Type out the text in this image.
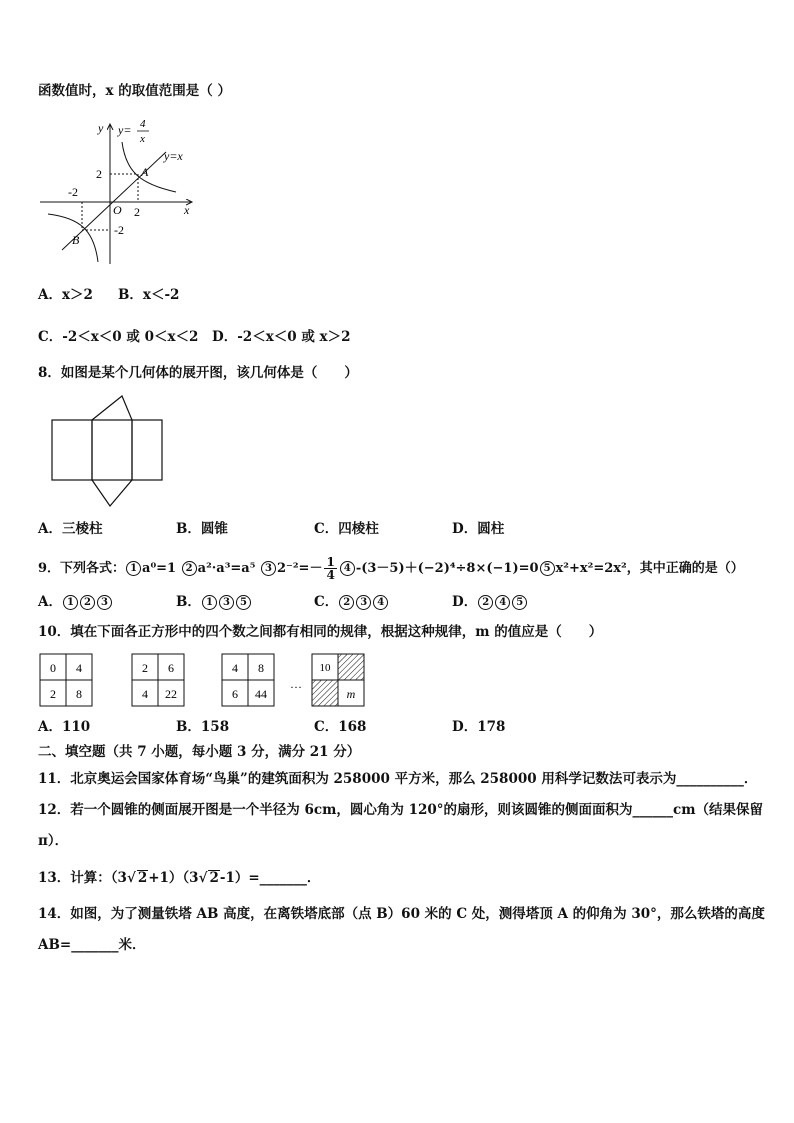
函数值时，x 的取值范围是（ ）
y y= 4
x
y=x
2	A
-2
O 2	x
-2
B
A．x＞2 B．x＜-2
C．-2＜x＜0 或 0＜x＜2 D．-2＜x＜0 或 x＞2
8．如图是某个几何体的展开图，该几何体是（　　）
A．三棱柱	B．圆锥	C．四棱柱	D．圆柱
9．下列各式： 1 a⁰=1 2 a²·a³=a⁵ 3 $2^{-2}=- \frac{1}{4} 4$ -(3－5)＋(−2)⁴÷8×(−1)=0 5 x²+x²=2x²，其中正确的是（）
A． 1 2 3	B． 1 3 5	C． 2 3 4	D． 2 4 5
10．填在下面各正方形中的四个数之间都有相同的规律，根据这种规律，m 的值应是（　　）
0 4
2 8
2 6
4 22
4 8
6 44
…
10
m
A．110	B．158	C．168	D．178
二、填空题（共 7 小题，每小题 3 分，满分 21 分）
11．北京奥运会国家体育场“鸟巢”的建筑面积为 258000 平方米，那么 258000 用科学记数法可表示为__________．
12．若一个圆锥的侧面展开图是一个半径为 6cm，圆心角为 120°的扇形，则该圆锥的侧面面积为______cm（结果保留
π）．
13．计算：（3√ 2+1）（3√ 2-1）=_______．
14．如图，为了测量铁塔 AB 高度，在离铁塔底部（点 B）60 米的 C 处，测得塔顶 A 的仰角为 30°，那么铁塔的高度
AB=_______米．
